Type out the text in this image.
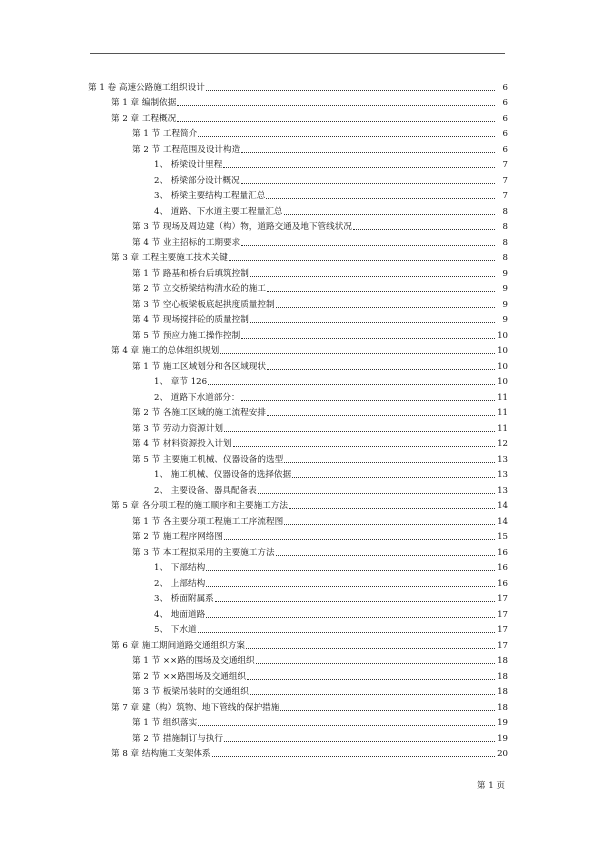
第 1 卷 高速公路施工组织设计	6
第 1 章 编制依据	6
第 2 章 工程概况	6
第 1 节 工程简介	6
第 2 节 工程范围及设计构造	6
1、 桥梁设计里程	7
2、 桥梁部分设计概况	7
3、 桥梁主要结构工程量汇总	7
4、 道路、下水道主要工程量汇总	8
第 3 节 现场及周边建（构）物，道路交通及地下管线状况	8
第 4 节 业主招标的工期要求	8
第 3 章 工程主要施工技术关键	8
第 1 节 路基和桥台后填筑控制	9
第 2 节 立交桥梁结构清水砼的施工	9
第 3 节 空心板梁板底起拱度质量控制	9
第 4 节 现场搅拌砼的质量控制	9
第 5 节 预应力施工操作控制	10
第 4 章 施工的总体组织规划	10
第 1 节 施工区域划分和各区域现状	10
1、 章节 126	10
2、 道路下水道部分：	11
第 2 节 各施工区域的施工流程安排	11
第 3 节 劳动力资源计划	11
第 4 节 材料资源投入计划	12
第 5 节 主要施工机械、仪器设备的选型	13
1、 施工机械、仪器设备的选择依据	13
2、 主要设备、器具配备表	13
第 5 章 各分项工程的施工顺序和主要施工方法	14
第 1 节 各主要分项工程施工工序流程图	14
第 2 节 施工程序网络图	15
第 3 节 本工程拟采用的主要施工方法	16
1、 下部结构	16
2、 上部结构	16
3、 桥面附属系	17
4、 地面道路	17
5、 下水道	17
第 6 章 施工期间道路交通组织方案	17
第 1 节 ××路的围场及交通组织	18
第 2 节 ××路围场及交通组织	18
第 3 节 板梁吊装时的交通组织	18
第 7 章 建（构）筑物、地下管线的保护措施	18
第 1 节 组织落实	19
第 2 节 措施制订与执行	19
第 8 章 结构施工支架体系	20
第 1 页
